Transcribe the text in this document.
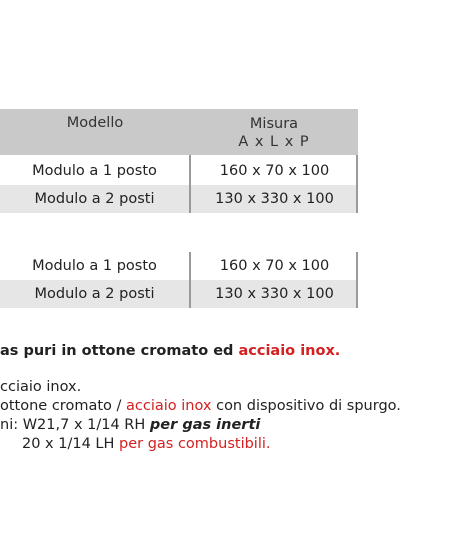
Modello	Misura
A x L x P
Modulo a 1 posto	160 x 70 x 100
Modulo a 2 posti	130 x 330 x 100
Modulo a 1 posto	160 x 70 x 100
Modulo a 2 posti	130 x 330 x 100
as puri in ottone cromato ed acciaio inox.
cciaio inox.
ottone cromato / acciaio inox con dispositivo di spurgo.
ni: W21,7 x 1/14 RH per gas inerti
20 x 1/14 LH per gas combustibili.
